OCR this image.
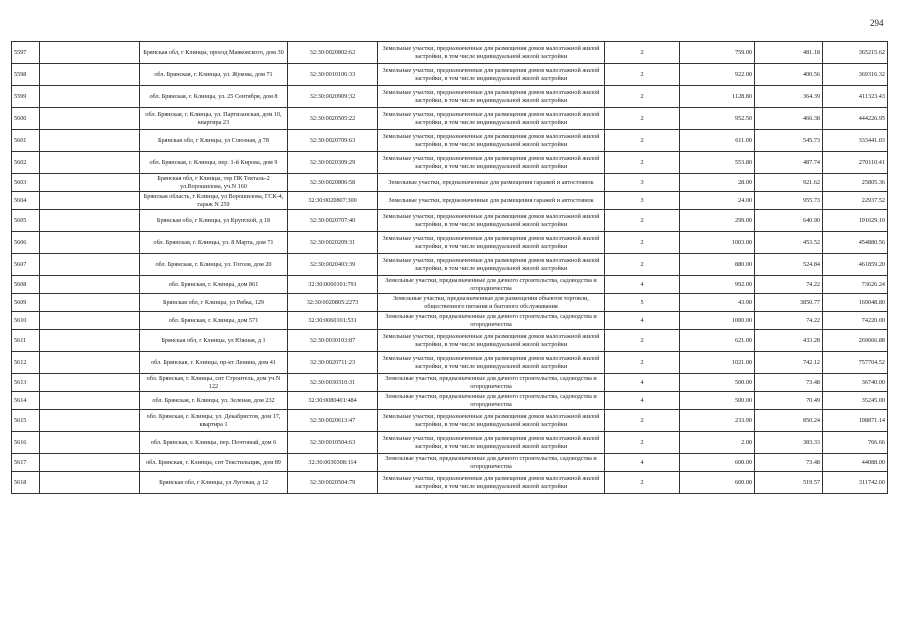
294
5597		Брянская обл, г Клинцы, проезд Маяковского, дом 30	32:30:0020802:62	Земельные участки, предназначенные для размещения домов малоэтажной жилой застройки, в том числе индивидуальной жилой застройки	2	759.00	481.18	365215.62
5598		обл. Брянская, г. Клинцы, ул. Жукова, дом 71	32:30:0010106:33	Земельные участки, предназначенные для размещения домов малоэтажной жилой застройки, в том числе индивидуальной жилой застройки	2	922.00	400.56	369316.32
5599		обл. Брянская, г. Клинцы, ул. 25 Сентября, дом 8	32:30:0020909:32	Земельные участки, предназначенные для размещения домов малоэтажной жилой застройки, в том числе индивидуальной жилой застройки	2	1128.80	364.39	411323.43
5600		обл. Брянская, г. Клинцы, ул. Партизанская, дом 10, квартира 23	32:30:0020505:22	Земельные участки, предназначенные для размещения домов малоэтажной жилой застройки, в том числе индивидуальной жилой застройки	2	952.50	466.38	444226.95
5601		Брянская обл, г Клинцы, ул Союзная, д 78	32:30:0020709:63	Земельные участки, предназначенные для размещения домов малоэтажной жилой застройки, в том числе индивидуальной жилой застройки	2	611.00	545.73	333441.03
5602		обл. Брянская, г. Клинцы, пер. 1-й Кирова, дом 9	32:30:0020309:29	Земельные участки, предназначенные для размещения домов малоэтажной жилой застройки, в том числе индивидуальной жилой застройки	2	553.80	487.74	270110.41
5603		Брянская обл, г Клинцы, тер ПК Текталь-2 ул.Ворошилова, уч.N 160	32:30:0020806:58	Земельные участки, предназначенные для размещения гаражей и автостоянок	3	28.00	921.62	25805.36
5604		Брянская область, г Клинцы, ул Ворошилова, ГСК-4, гараж N 259	32:30:0020807:300	Земельные участки, предназначенные для размещения гаражей и автостоянок	3	24.00	955.73	22937.52
5605		Брянская обл, г Клинцы, ул Крупской, д 18	32:30:0020707:40	Земельные участки, предназначенные для размещения домов малоэтажной жилой застройки, в том числе индивидуальной жилой застройки	2	299.00	640.90	191629.10
5606		обл. Брянская, г. Клинцы, ул. 8 Марта, дом 71	32:30:0020209:31	Земельные участки, предназначенные для размещения домов малоэтажной жилой застройки, в том числе индивидуальной жилой застройки	2	1003.00	453.52	454880.56
5607		обл. Брянская, г. Клинцы, ул. Гоголя, дом 20	32:30:0020403:39	Земельные участки, предназначенные для размещения домов малоэтажной жилой застройки, в том числе индивидуальной жилой застройки	2	880.00	524.84	461859.20
5608		обл. Брянская, г. Клинцы, дом 861	32:30:0060101:791	Земельные участки, предназначенные для дачного строительства, садоводства и огородничества	4	992.00	74.22	73626.24
5609		Брянская обл, г Клинцы, ул Рябка, 129	32:30:0020805:2273	Земельные участки, предназначенные для размещения объектов торговли, общественного питания и бытового обслуживания	5	43.90	3850.77	169048.80
5610		обл. Брянская, г. Клинцы, дом 571	32:30:0060101:531	Земельные участки, предназначенные для дачного строительства, садоводства и огородничества	4	1000.00	74.22	74220.00
5611		Брянская обл, г Клинцы, ул Южная, д 1	32:30:0030103:87	Земельные участки, предназначенные для размещения домов малоэтажной жилой застройки, в том числе индивидуальной жилой застройки	2	621.00	433.28	269066.88
5612		обл. Брянская, г. Клинцы, пр-кт Ленина, дом 41	32:30:0020711:23	Земельные участки, предназначенные для размещения домов малоэтажной жилой застройки, в том числе индивидуальной жилой застройки	2	1021.00	742.12	757704.52
5613		обл. Брянская, г. Клинцы, снт Строитель, дом уч.N 122	32:30:0030310:31	Земельные участки, предназначенные для дачного строительства, садоводства и огородничества	4	500.00	73.48	36740.00
5614		обл. Брянская, г. Клинцы, ул. Зеленая, дом 232	32:30:0080401:484	Земельные участки, предназначенные для дачного строительства, садоводства и огородничества	4	500.00	70.49	35245.00
5615		обл. Брянская, г. Клинцы, ул. Декабристов, дом 17, квартира 1	32:30:0020613:47	Земельные участки, предназначенные для размещения домов малоэтажной жилой застройки, в том числе индивидуальной жилой застройки	2	233.90	850.24	198871.14
5616		обл. Брянская, г. Клинцы, пер. Почтовый, дом 6	32:30:0010504:63	Земельные участки, предназначенные для размещения домов малоэтажной жилой застройки, в том числе индивидуальной жилой застройки	2	2.00	383.33	766.66
5617		обл. Брянская, г. Клинцы, снт Текстильщик, дом 89	32:30:0030308:114	Земельные участки, предназначенные для дачного строительства, садоводства и огородничества	4	600.00	73.48	44088.00
5618		Брянская обл, г Клинцы, ул Луговая, д 12	32:30:0020504:79	Земельные участки, предназначенные для размещения домов малоэтажной жилой застройки, в том числе индивидуальной жилой застройки	2	600.00	519.57	311742.00
